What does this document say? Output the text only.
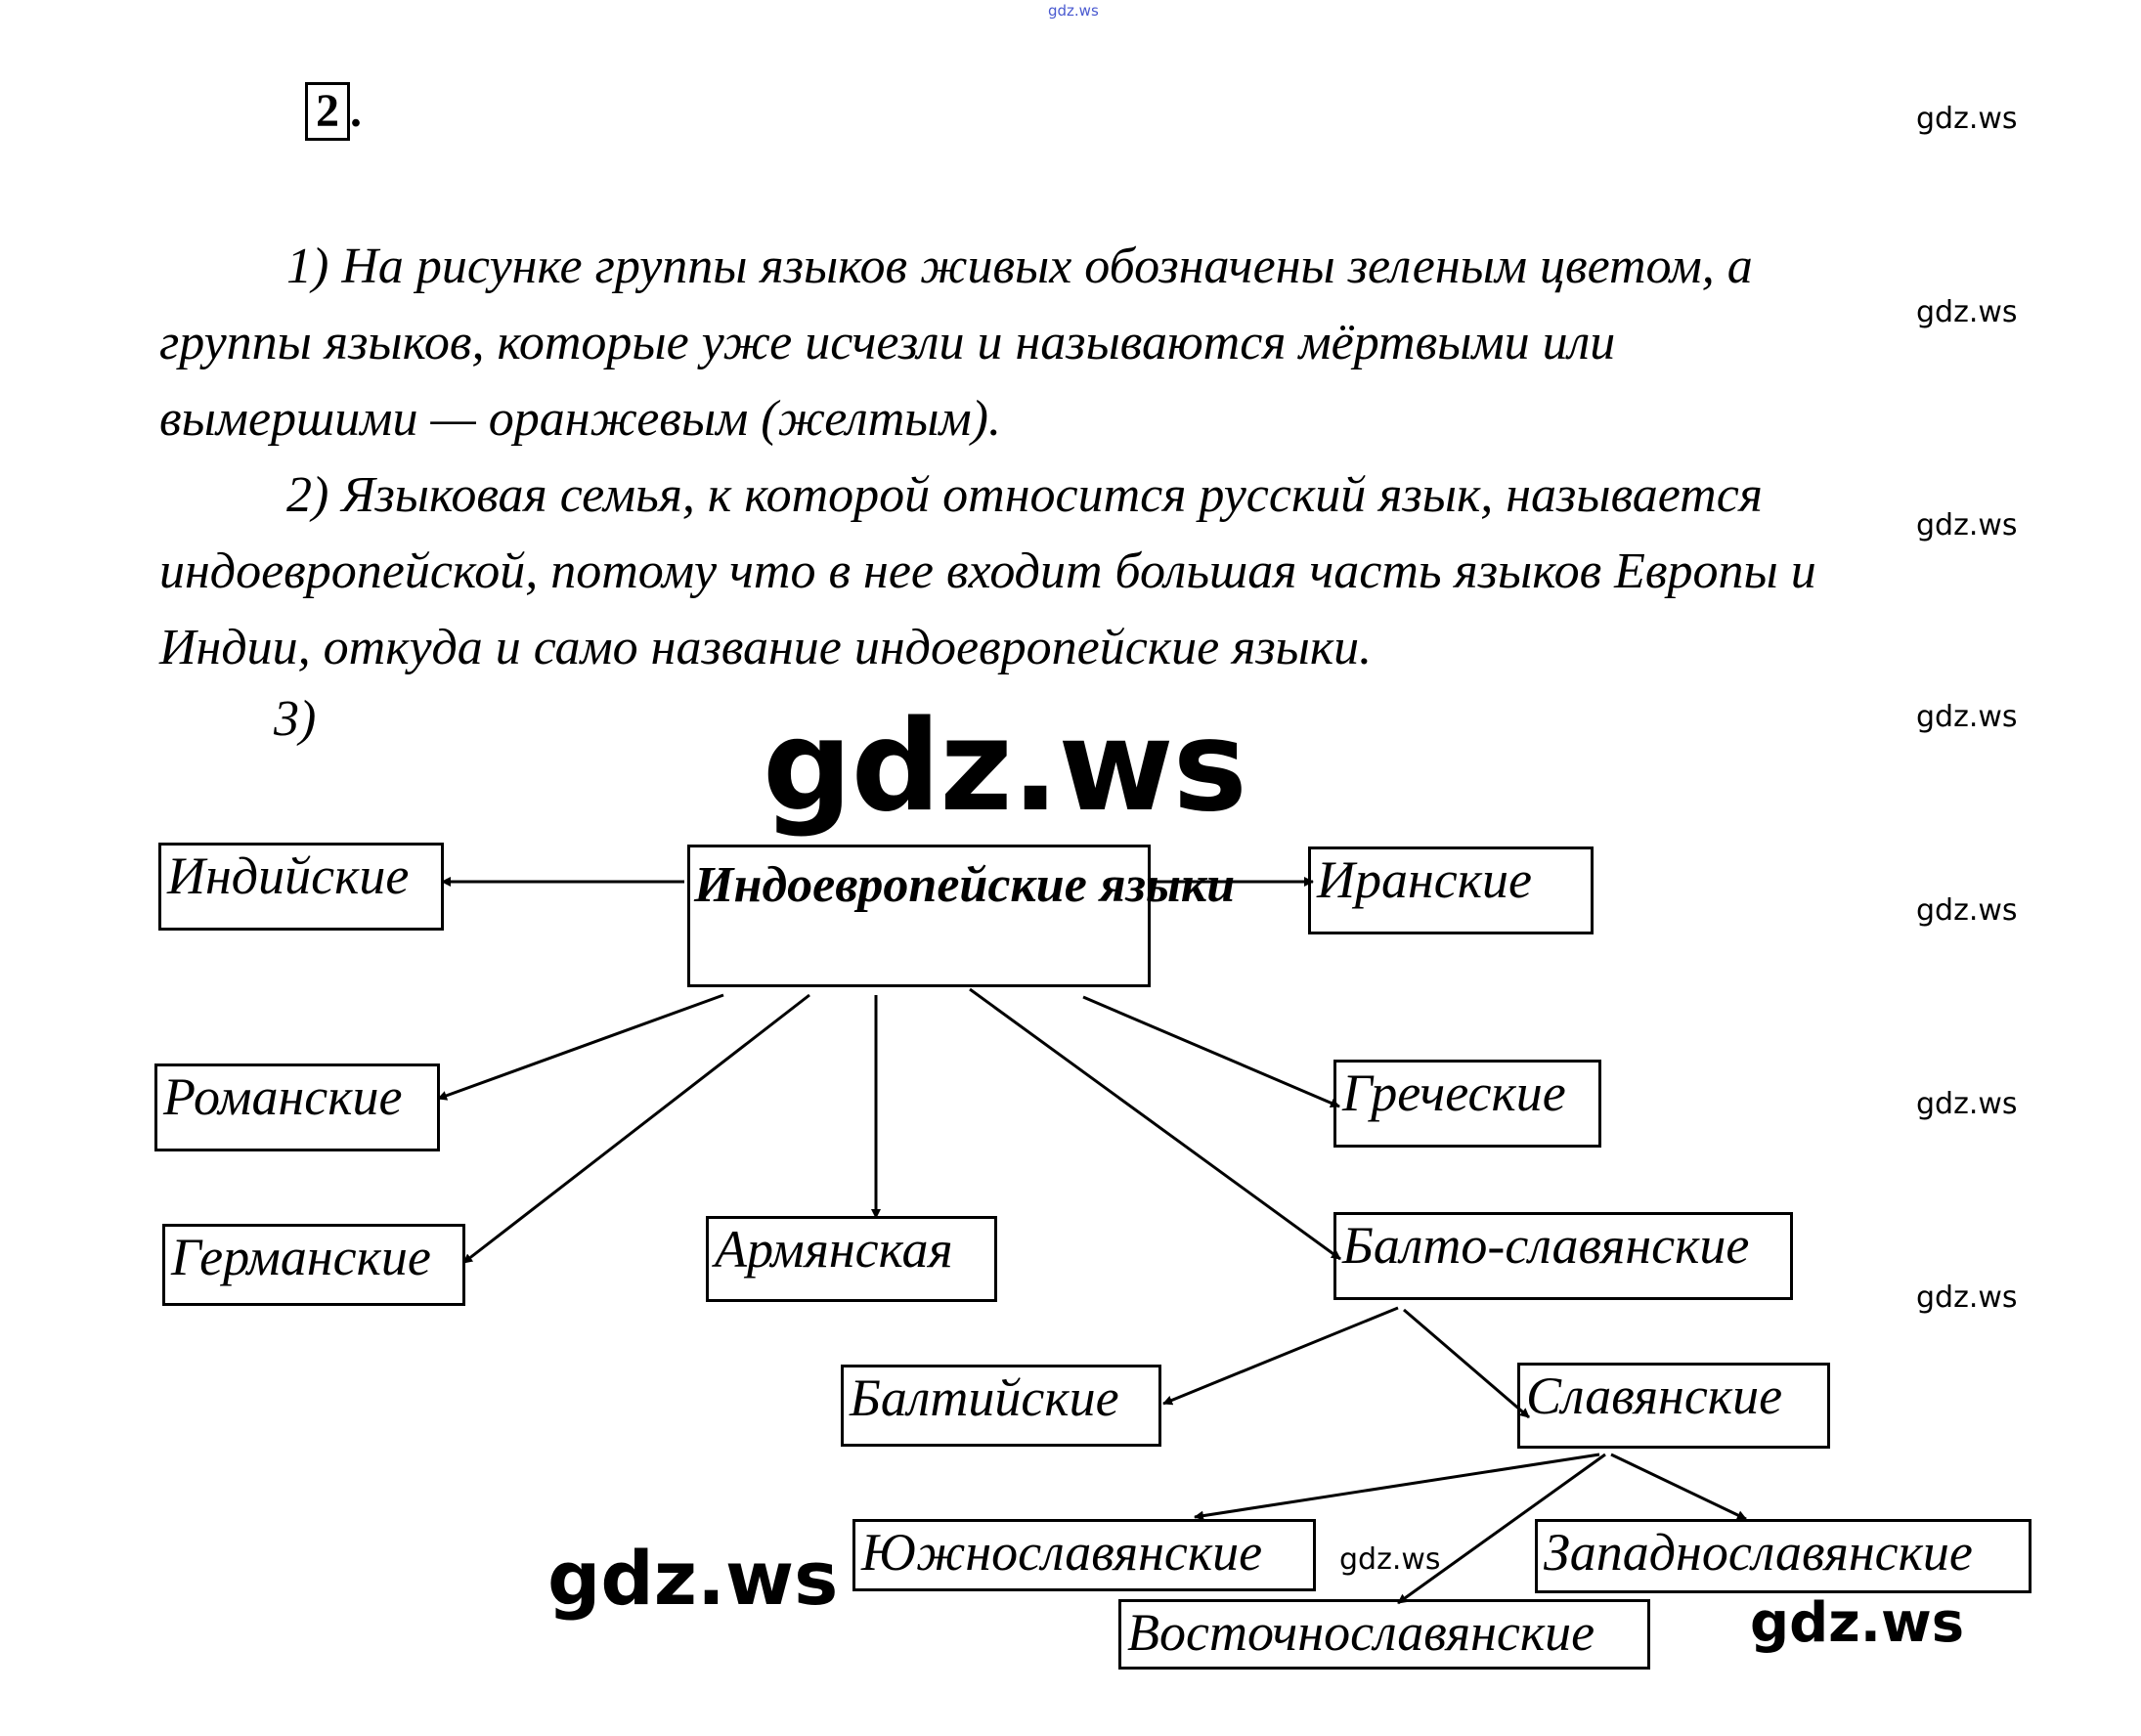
gdz.ws
gdz.ws
gdz.ws
gdz.ws
gdz.ws
gdz.ws
gdz.ws
gdz.ws
gdz.ws
gdz.ws	gdz.ws
gdz.ws
2 .
1) На рисунке группы языков живых обозначены зеленым цветом, а
группы языков, которые уже исчезли и называются мёртвыми или
вымершими — оранжевым (желтым).
2) Языковая семья, к которой относится русский язык, называется
индоевропейской, потому что в нее входит большая часть языков Европы и
Индии, откуда и само название индоевропейские языки.
3)
Индоевропейские языки
Индийские	Иранские
Романские	Греческие
Германские	Армянская	Балто-славянские
Балтийские	Славянские
Южнославянские	Западнославянские
Восточнославянские
